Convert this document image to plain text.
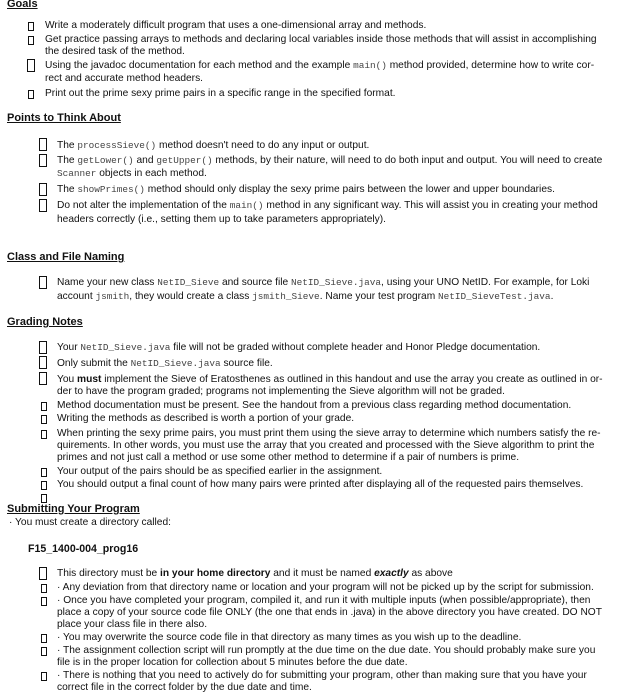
Goals
Write a moderately difficult program that uses a one-dimensional array and methods.
Get practice passing arrays to methods and declaring local variables inside those methods that will assist in accomplishing
the desired task of the method.
Using the javadoc documentation for each method and the example main() method provided, determine how to write cor-
rect and accurate method headers.
Print out the prime sexy prime pairs in a specific range in the specified format.
Points to Think About
The processSieve() method doesn't need to do any input or output.
The getLower() and getUpper() methods, by their nature, will need to do both input and output. You will need to create
Scanner objects in each method.
The showPrimes() method should only display the sexy prime pairs between the lower and upper boundaries.
Do not alter the implementation of the main() method in any significant way. This will assist you in creating your method
headers correctly (i.e., setting them up to take parameters appropriately).
Class and File Naming
Name your new class NetID_Sieve and source file NetID_Sieve.java, using your UNO NetID. For example, for Loki
account jsmith, they would create a class jsmith_Sieve. Name your test program NetID_SieveTest.java.
Grading Notes
Your NetID_Sieve.java file will not be graded without complete header and Honor Pledge documentation.
Only submit the NetID_Sieve.java source file.
You must implement the Sieve of Eratosthenes as outlined in this handout and use the array you create as outlined in or-
der to have the program graded; programs not implementing the Sieve algorithm will not be graded.
Method documentation must be present. See the handout from a previous class regarding method documentation.
Writing the methods as described is worth a portion of your grade.
When printing the sexy prime pairs, you must print them using the sieve array to determine which numbers satisfy the re-
quirements. In other words, you must use the array that you created and processed with the Sieve algorithm to print the
primes and not just call a method or use some other method to determine if a pair of numbers is prime.
Your output of the pairs should be as specified earlier in the assignment.
You should output a final count of how many pairs were printed after displaying all of the requested pairs themselves.
Submitting Your Program
· You must create a directory called:
F15_1400-004_prog16
This directory must be in your home directory and it must be named exactly as above
· Any deviation from that directory name or location and your program will not be picked up by the script for submission.
· Once you have completed your program, compiled it, and run it with multiple inputs (when possible/appropriate), then
place a copy of your source code file ONLY (the one that ends in .java) in the above directory you have created. DO NOT
place your class file in there also.
· You may overwrite the source code file in that directory as many times as you wish up to the deadline.
· The assignment collection script will run promptly at the due time on the due date. You should probably make sure you
file is in the proper location for collection about 5 minutes before the due date.
· There is nothing that you need to actively do for submitting your program, other than making sure that you have your
correct file in the correct folder by the due date and time.
